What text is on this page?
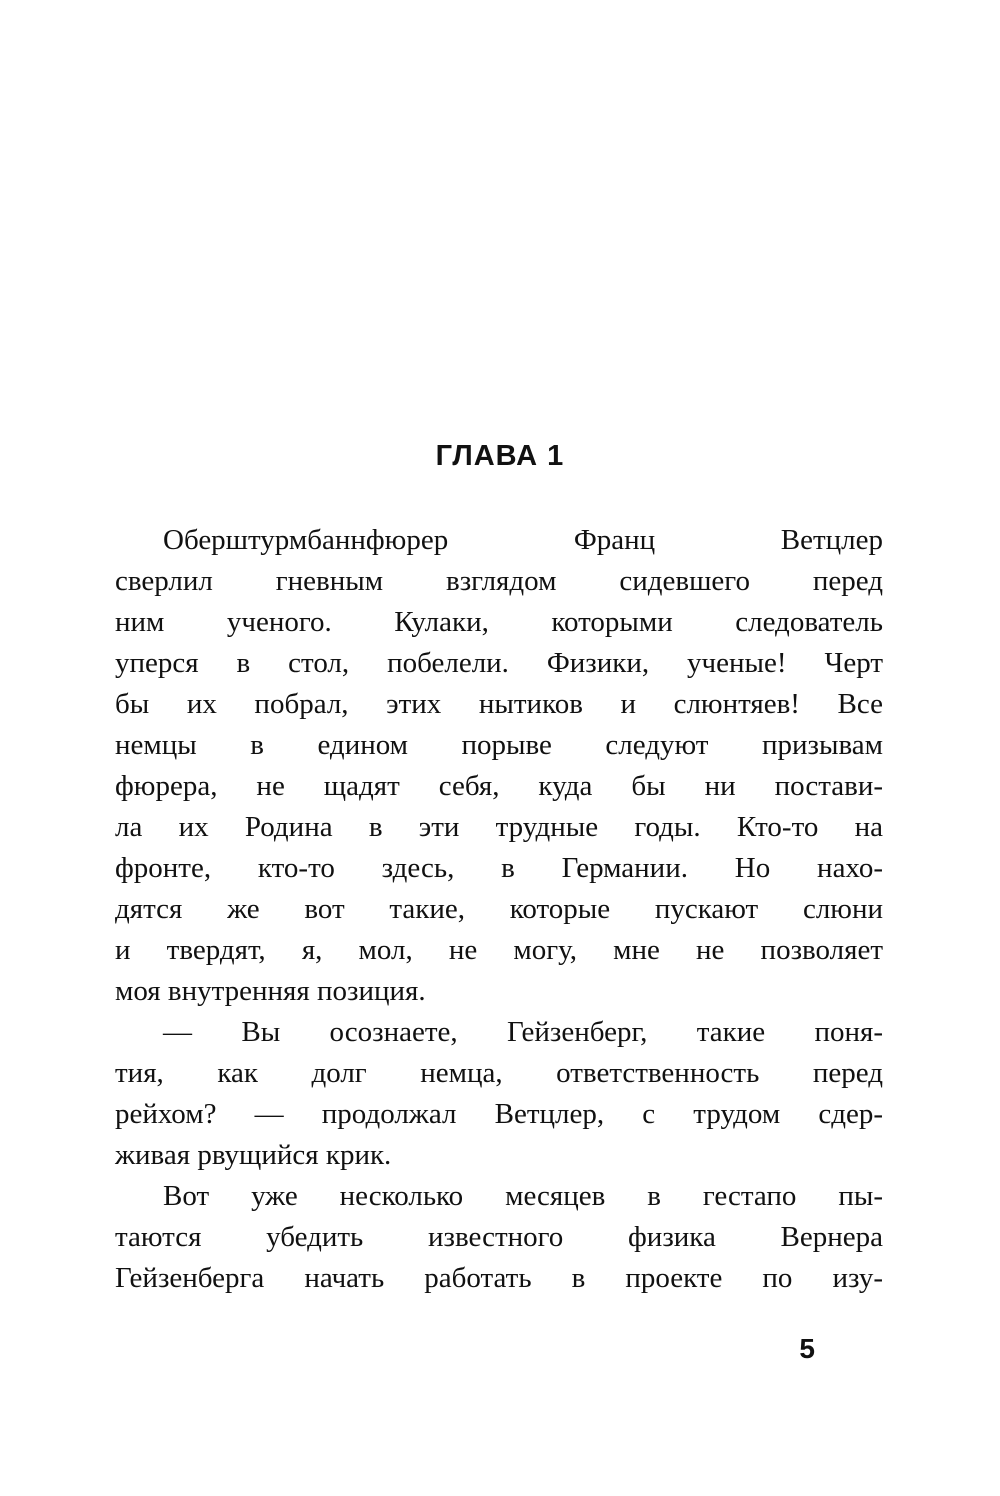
ГЛАВА 1
Оберштурмбаннфюрер Франц Ветцлер
сверлил гневным взглядом сидевшего перед
ним ученого. Кулаки, которыми следователь
уперся в стол, побелели. Физики, ученые! Черт
бы их побрал, этих нытиков и слюнтяев! Все
немцы в едином порыве следуют призывам
фюрера, не щадят себя, куда бы ни постави-
ла их Родина в эти трудные годы. Кто-то на
фронте, кто-то здесь, в Германии. Но нахо-
дятся же вот такие, которые пускают слюни
и твердят, я, мол, не могу, мне не позволяет
моя внутренняя позиция.
— Вы осознаете, Гейзенберг, такие поня-
тия, как долг немца, ответственность перед
рейхом? — продолжал Ветцлер, с трудом сдер-
живая рвущийся крик.
Вот уже несколько месяцев в гестапо пы-
таются убедить известного физика Вернера
Гейзенберга начать работать в проекте по изу-
5
